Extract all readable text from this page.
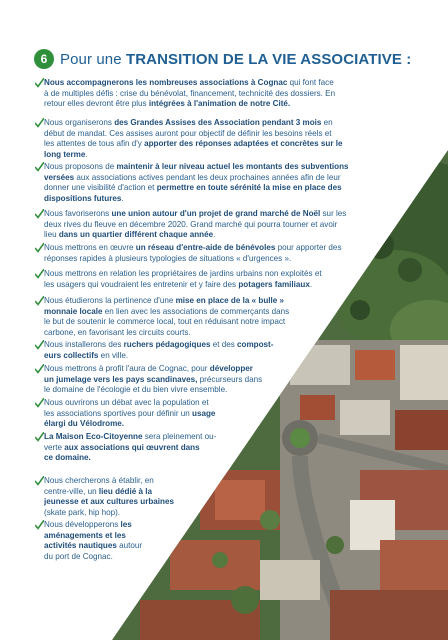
6 Pour une TRANSITION DE LA VIE ASSOCIATIVE :
Nous accompagnerons les nombreuses associations à Cognac qui font face
à de multiples défis : crise du bénévolat, financement, technicité des dossiers. En
retour elles devront être plus intégrées à l'animation de notre Cité.
Nous organiserons des Grandes Assises des Association pendant 3 mois en
début de mandat. Ces assises auront pour objectif de définir les besoins réels et
les attentes de tous afin d'y apporter des réponses adaptées et concrètes sur le
long terme.
Nous proposons de maintenir à leur niveau actuel les montants des subventions
versées aux associations actives pendant les deux prochaines années afin de leur
donner une visibilité d'action et permettre en toute sérénité la mise en place des
dispositions futures.
Nous favoriserons une union autour d'un projet de grand marché de Noël sur les
deux rives du fleuve en décembre 2020. Grand marché qui pourra tourner et avoir
lieu dans un quartier différent chaque année.
Nous mettrons en œuvre un réseau d'entre-aide de bénévoles pour apporter des
réponses rapides à plusieurs typologies de situations « d'urgences ».
Nous mettrons en relation les propriétaires de jardins urbains non exploités et
les usagers qui voudraient les entretenir et y faire des potagers familiaux.
Nous étudierons la pertinence d'une mise en place de la « bulle »
monnaie locale en lien avec les associations de commerçants dans
le but de soutenir le commerce local, tout en réduisant notre impact
carbone, en favorisant les circuits courts.
Nous installerons des ruchers pédagogiques et des compost-
eurs collectifs en ville.
Nous mettrons à profit l'aura de Cognac, pour développer
un jumelage vers les pays scandinaves, précurseurs dans
le domaine de l'écologie et du bien vivre ensemble.
Nous ouvrirons un débat avec la population et
les associations sportives pour définir un usage
élargi du Vélodrome.
La Maison Eco-Citoyenne sera pleinement ou-
verte aux associations qui œuvrent dans
ce domaine.
Nous chercherons à établir, en
centre-ville, un lieu dédié à la
jeunesse et aux cultures urbaines
(skate park, hip hop).
Nous développerons les
aménagements et les
activités nautiques autour
du port de Cognac.
